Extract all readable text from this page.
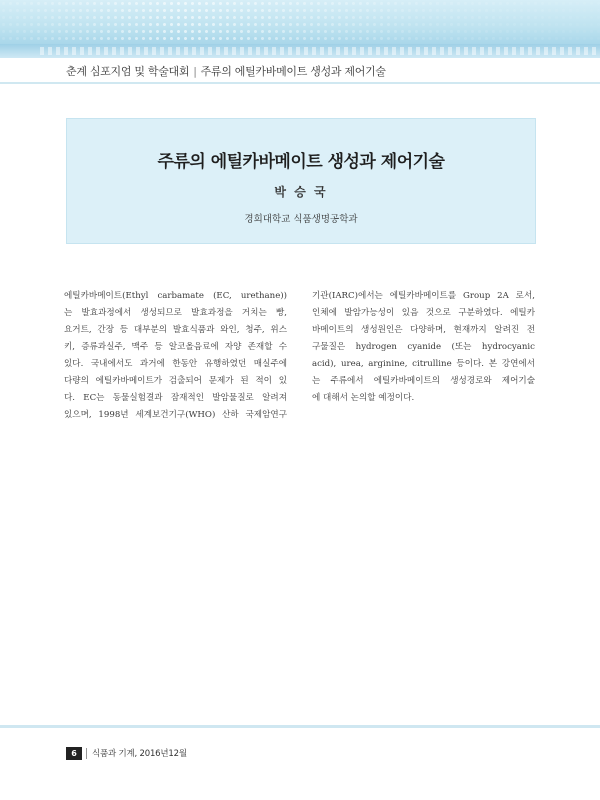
춘계 심포지엄 및 학술대회 | 주류의 에틸카바메이트 생성과 제어기술
주류의 에틸카바메이트 생성과 제어기술
박 승 국
경희대학교 식품생명공학과
에틸카바메이트(Ethyl carbamate (EC, urethane))
는 발효과정에서 생성되므로 발효과정을 거치는 빵,
요거트, 간장 등 대부분의 발효식품과 와인, 청주, 위스
키, 증류과실주, 맥주 등 알코올음료에 자양 존재할 수
있다. 국내에서도 과거에 한동안 유행하였던 매실주에
다량의 에틸카바메이트가 검출되어 문제가 된 적이 있
다. EC는 동물실험결과 잠재적인 발암물질로 알려져
있으며, 1998년 세계보건기구(WHO) 산하 국제암연구
기관(IARC)에서는 에틸카바메이트를 Group 2A 로서,
인체에 발암가능성이 있음 것으로 구분하였다. 에틸카
바메이트의 생성원인은 다양하며, 현재까지 알려진 전
구물질은 hydrogen cyanide (또는 hydrocyanic
acid), urea, arginine, citrulline 등이다. 본 강연에서
는 주류에서 에틸카바메이트의 생성경로와 제어기술
에 대해서 논의할 예정이다.
6	식품과 기계, 2016년12월
